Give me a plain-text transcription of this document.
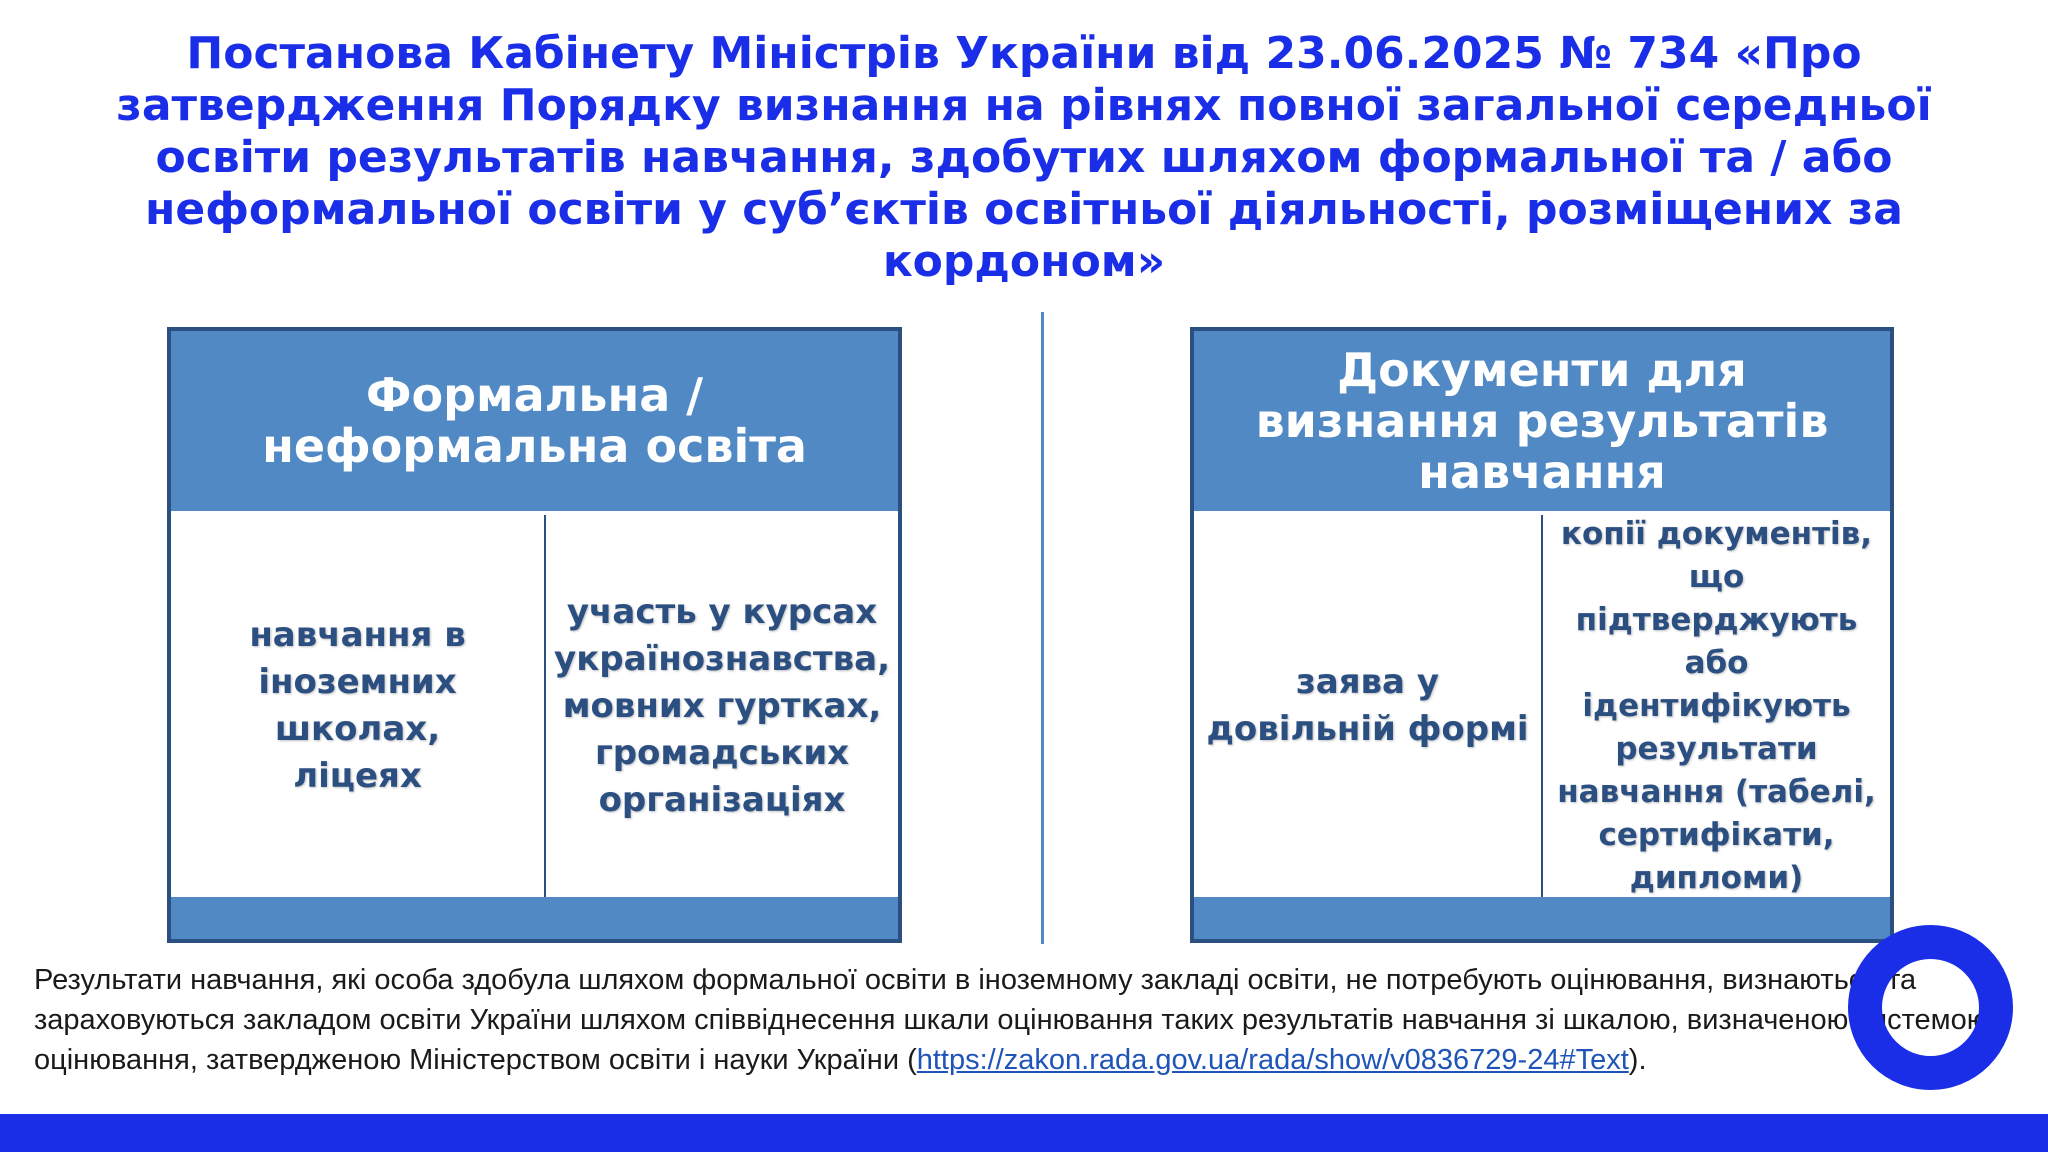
Постанова Кабінету Міністрів України від 23.06.2025 № 734 «Про затвердження Порядку визнання на рівнях повної загальної середньої освіти результатів навчання, здобутих шляхом формальної та / або неформальної освіти у суб’єктів освітньої діяльності, розміщених за кордоном»
Формальна / неформальна освіта
навчання в іноземних школах, ліцеях
участь у курсах українознавства, мовних гуртках, громадських організаціях
Документи для визнання результатів навчання
заява у довільній формі
копії документів, що підтверджують або ідентифікують результати навчання (табелі, сертифікати, дипломи)
Результати навчання, які особа здобула шляхом формальної освіти в іноземному закладі освіти, не потребують оцінювання, визнаються та зараховуються закладом освіти України шляхом співвіднесення шкали оцінювання таких результатів навчання зі шкалою, визначеною системою оцінювання, затвердженою Міністерством освіти і науки України (https://zakon.rada.gov.ua/rada/show/v0836729-24#Text).
